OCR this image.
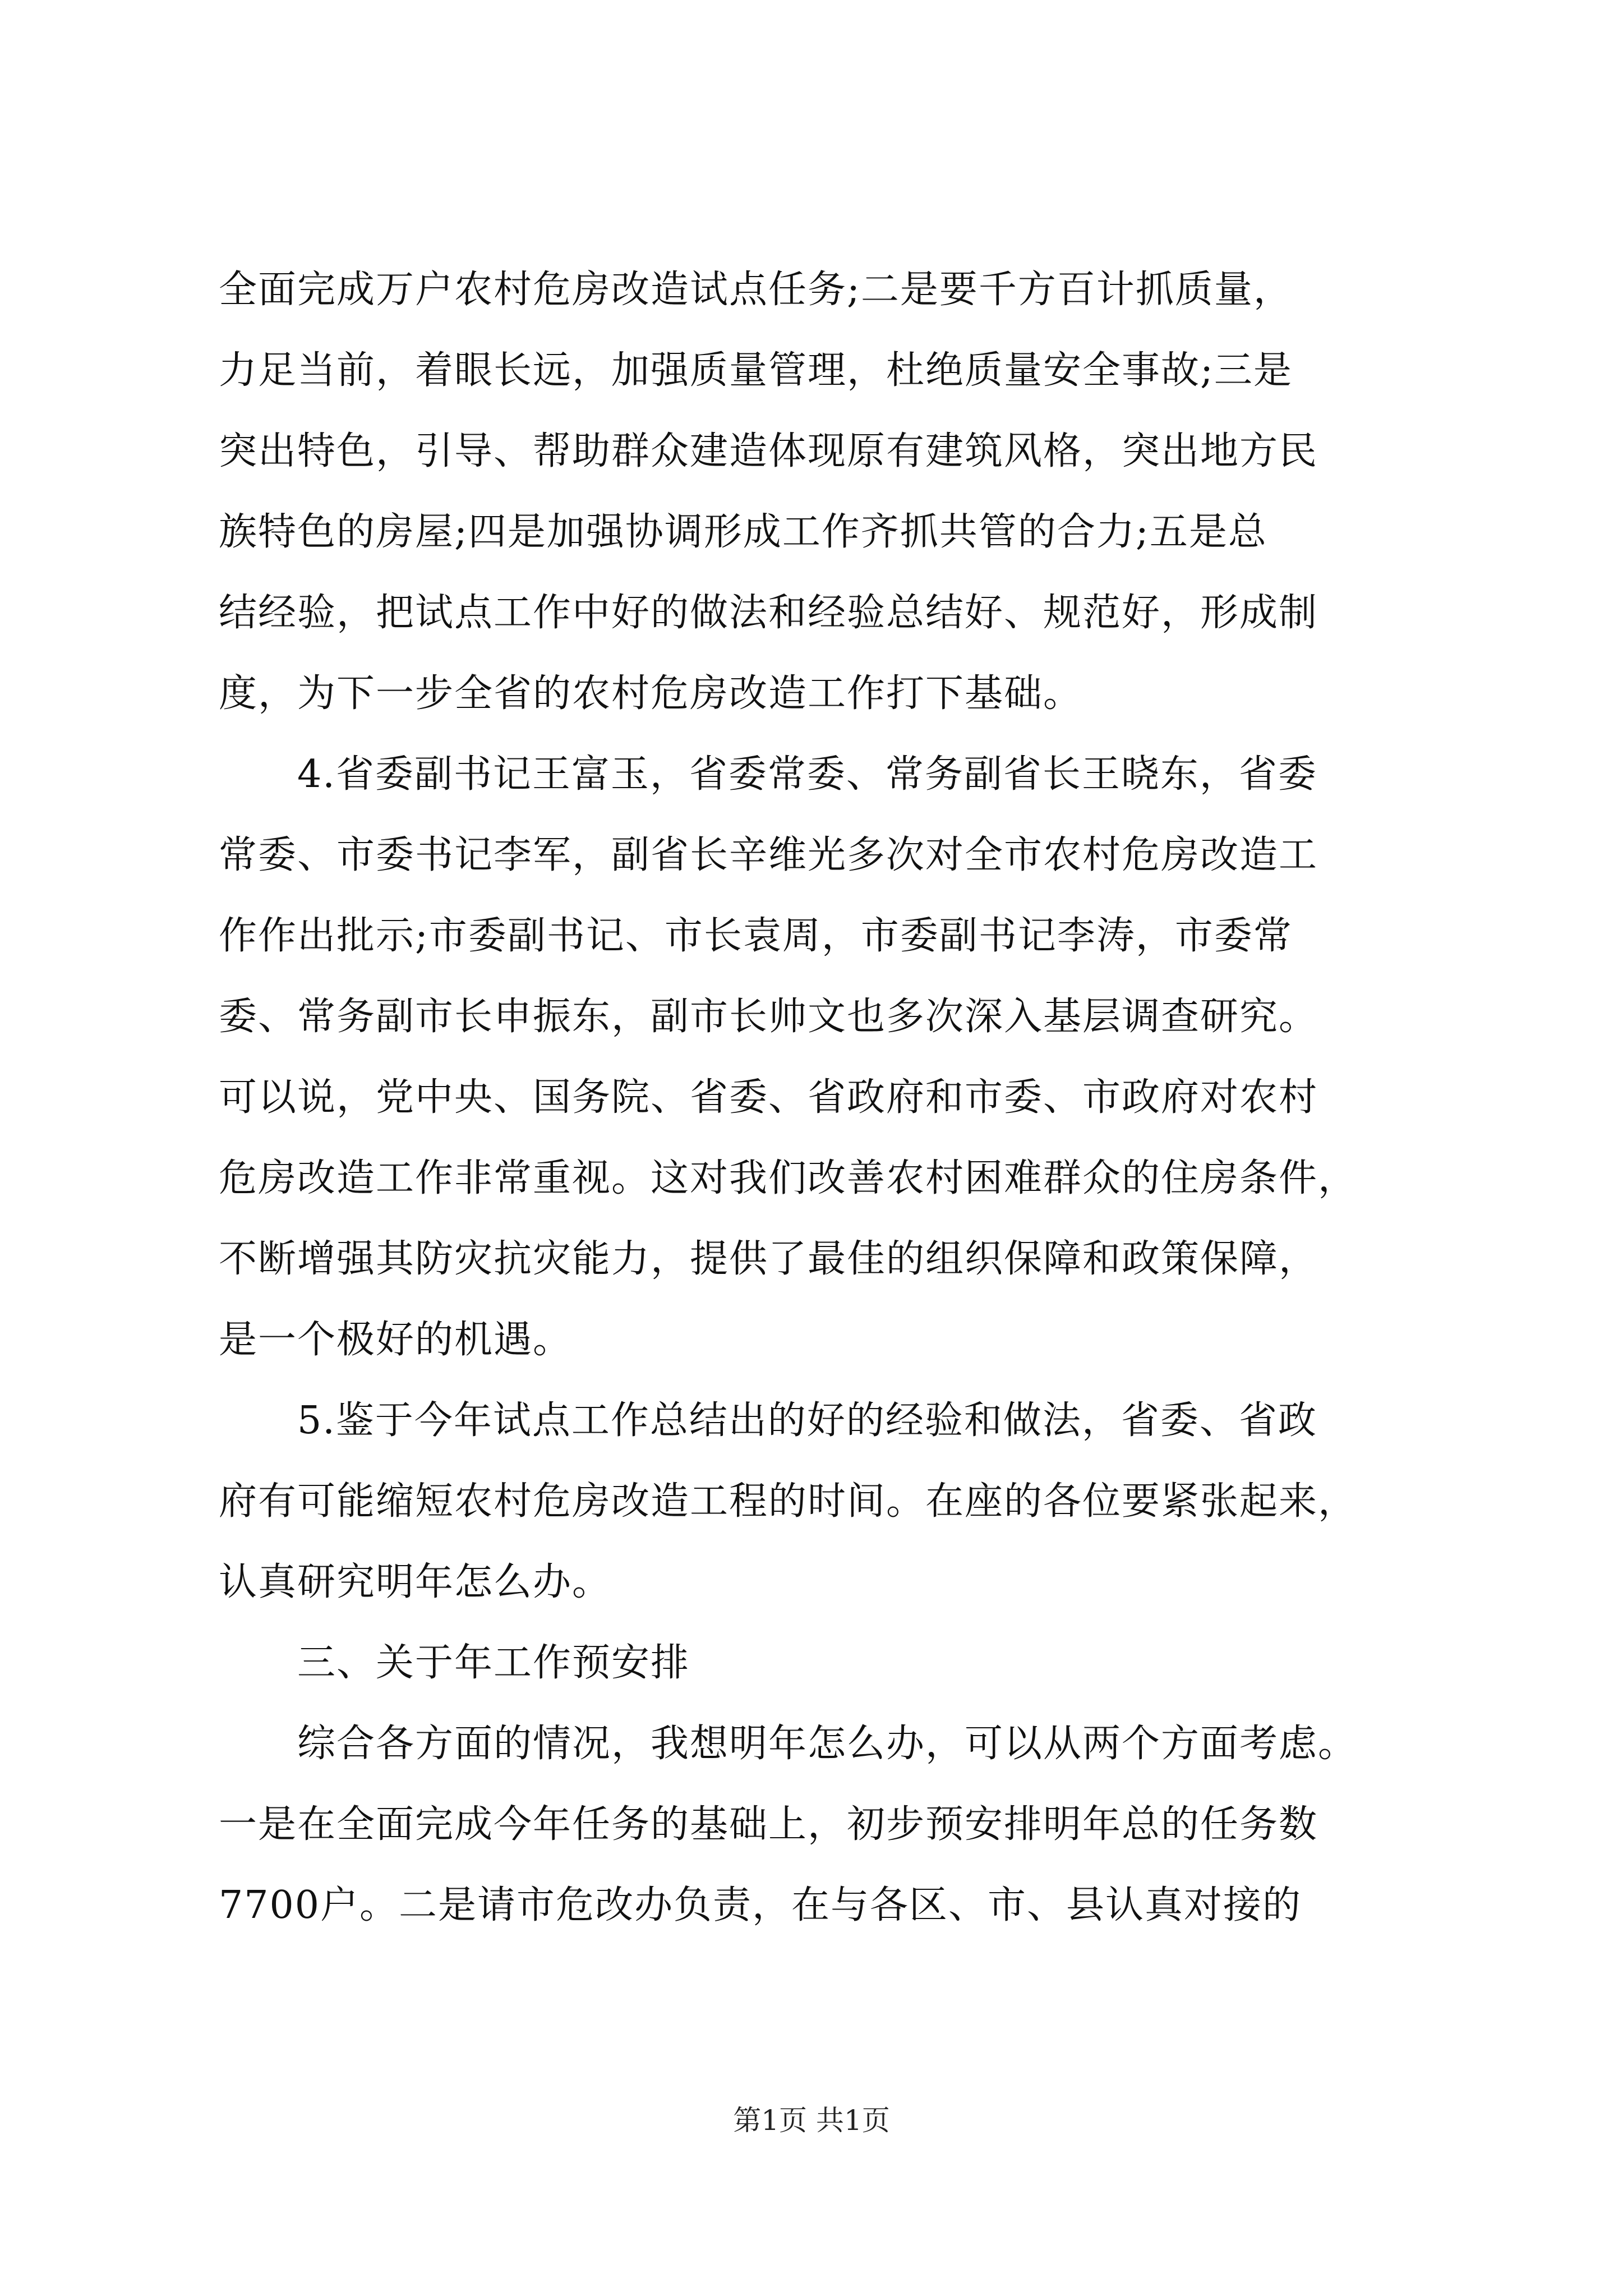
全面完成万户农村危房改造试点任务;二是要千方百计抓质量，
力足当前，着眼长远，加强质量管理，杜绝质量安全事故;三是
突出特色，引导、帮助群众建造体现原有建筑风格，突出地方民
族特色的房屋;四是加强协调形成工作齐抓共管的合力;五是总
结经验，把试点工作中好的做法和经验总结好、规范好，形成制
度，为下一步全省的农村危房改造工作打下基础。
　　4.省委副书记王富玉，省委常委、常务副省长王晓东，省委
常委、市委书记李军，副省长辛维光多次对全市农村危房改造工
作作出批示;市委副书记、市长袁周，市委副书记李涛，市委常
委、常务副市长申振东，副市长帅文也多次深入基层调查研究。
可以说，党中央、国务院、省委、省政府和市委、市政府对农村
危房改造工作非常重视。这对我们改善农村困难群众的住房条件，
不断增强其防灾抗灾能力，提供了最佳的组织保障和政策保障，
是一个极好的机遇。
　　5.鉴于今年试点工作总结出的好的经验和做法，省委、省政
府有可能缩短农村危房改造工程的时间。在座的各位要紧张起来，
认真研究明年怎么办。
　　三、关于年工作预安排
　　综合各方面的情况，我想明年怎么办，可以从两个方面考虑。
一是在全面完成今年任务的基础上，初步预安排明年总的任务数
7700户。二是请市危改办负责，在与各区、市、县认真对接的
第1页 共1页
